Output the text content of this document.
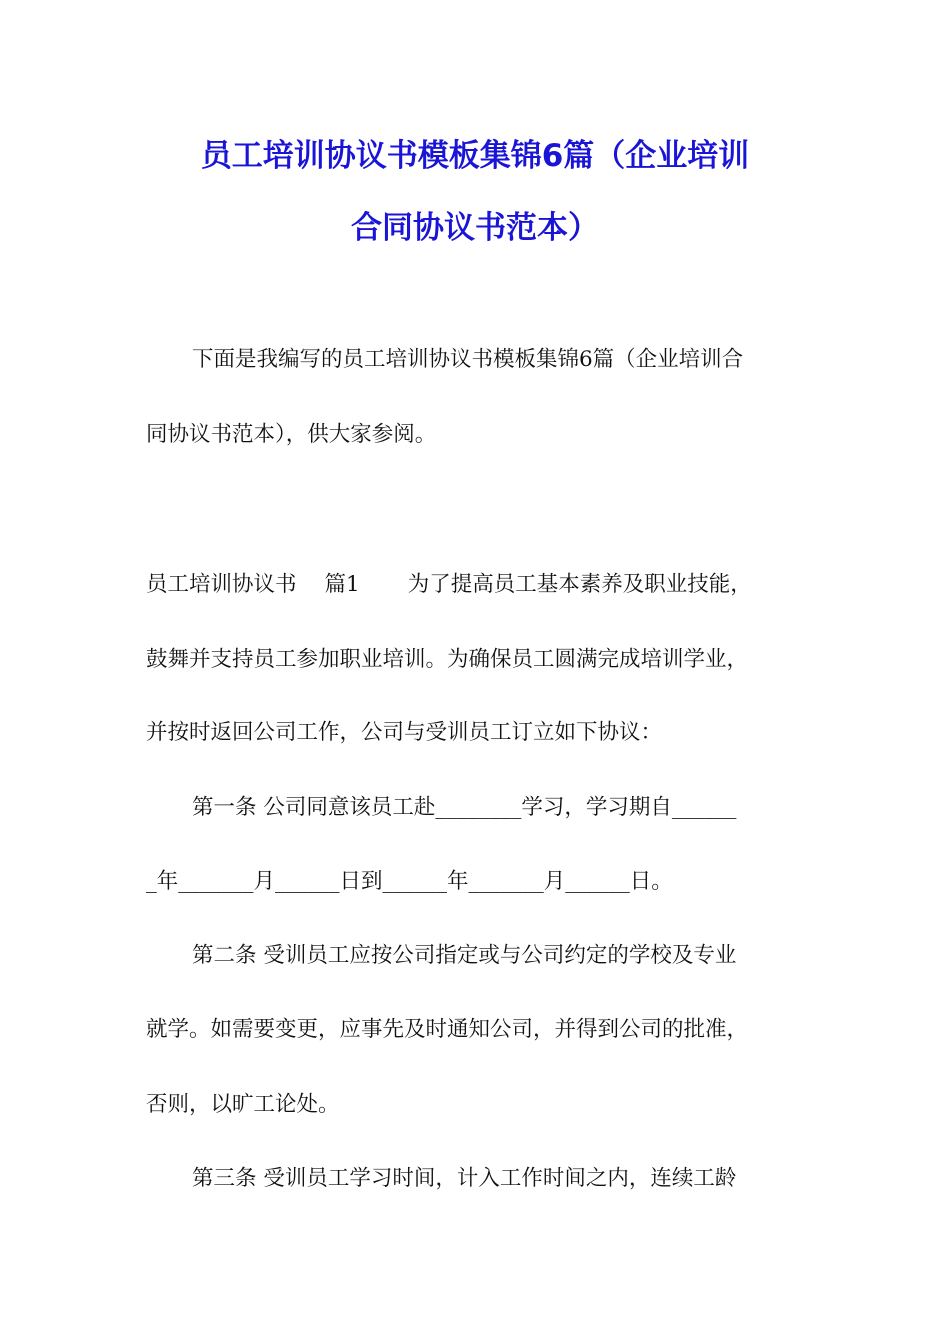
员工培训协议书模板集锦6篇（企业培训
合同协议书范本）
下面是我编写的员工培训协议书模板集锦6篇（企业培训合
同协议书范本），供大家参阅。
员工培训协议书 篇1 为了提高员工基本素养及职业技能，
鼓舞并支持员工参加职业培训。为确保员工圆满完成培训学业，
并按时返回公司工作，公司与受训员工订立如下协议：
第一条 公司同意该员工赴________学习，学习期自______
_年_______月______日到______年_______月______日。
第二条 受训员工应按公司指定或与公司约定的学校及专业
就学。如需要变更，应事先及时通知公司，并得到公司的批准，
否则，以旷工论处。
第三条 受训员工学习时间，计入工作时间之内，连续工龄
